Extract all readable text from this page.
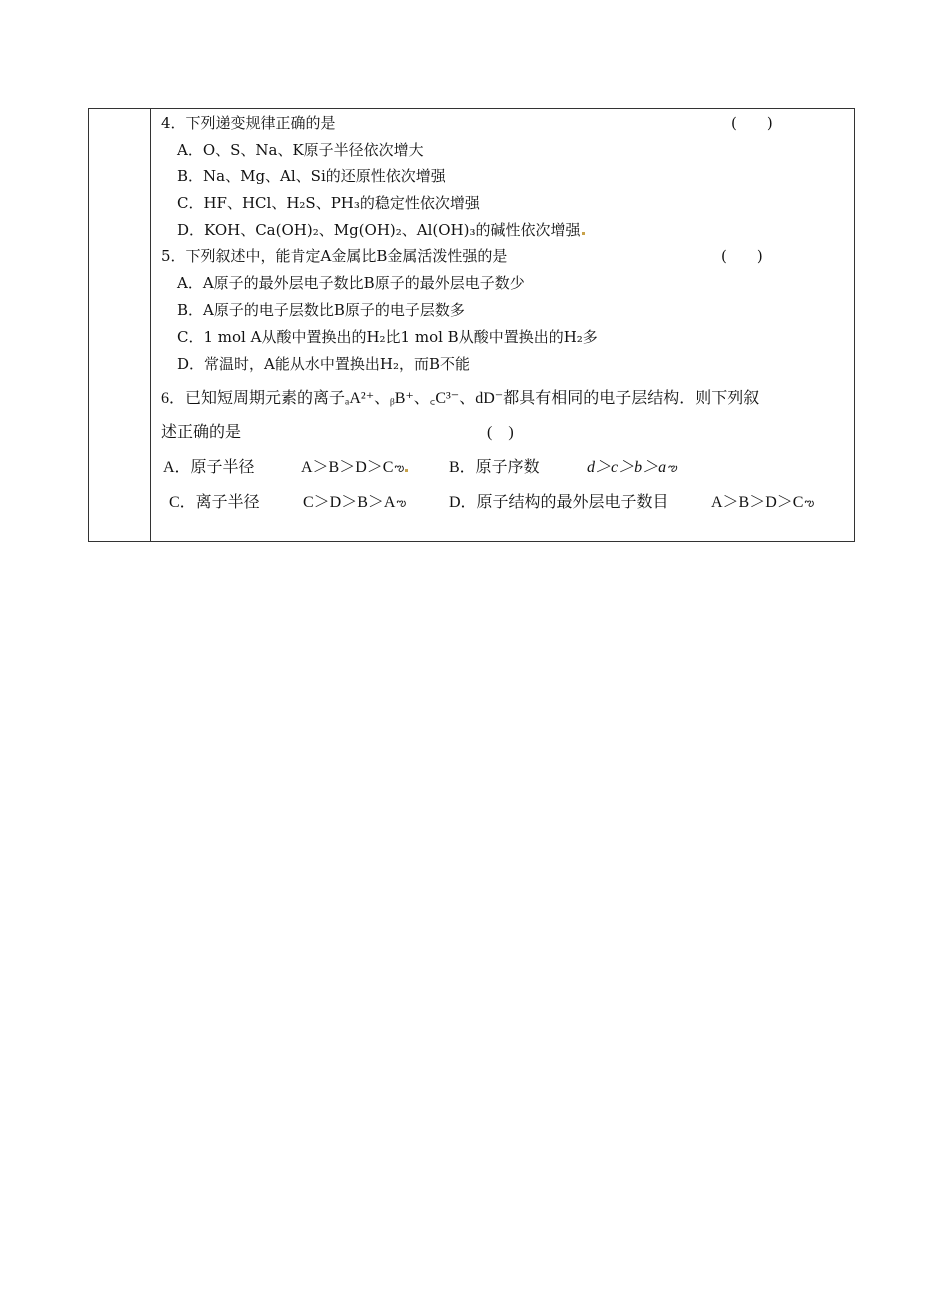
4．下列递变规律正确的是	(　　)
A．O、S、Na、K原子半径依次增大
B．Na、Mg、Al、Si的还原性依次增强
C．HF、HCl、H₂S、PH₃的稳定性依次增强
D．KOH、Ca(OH)₂、Mg(OH)₂、Al(OH)₃的碱性依次增强
5．下列叙述中，能肯定A金属比B金属活泼性强的是	(　　)
A．A原子的最外层电子数比B原子的最外层电子数少
B．A原子的电子层数比B原子的电子层数多
C．1 mol A从酸中置换出的H₂比1 mol B从酸中置换出的H₂多
D．常温时，A能从水中置换出H₂，而B不能
6．已知短周期元素的离子ₐA²⁺、ᵦB⁺、꜀C³⁻、dD⁻都具有相同的电子层结构．则下列叙
述正确的是	(　)
A．原子半径	A＞B＞D＞Cఌ	B．原子序数	d＞c＞b＞aఌ
C．离子半径	C＞D＞B＞Aఌ	D．原子结构的最外层电子数目	A＞B＞D＞Cఌ
